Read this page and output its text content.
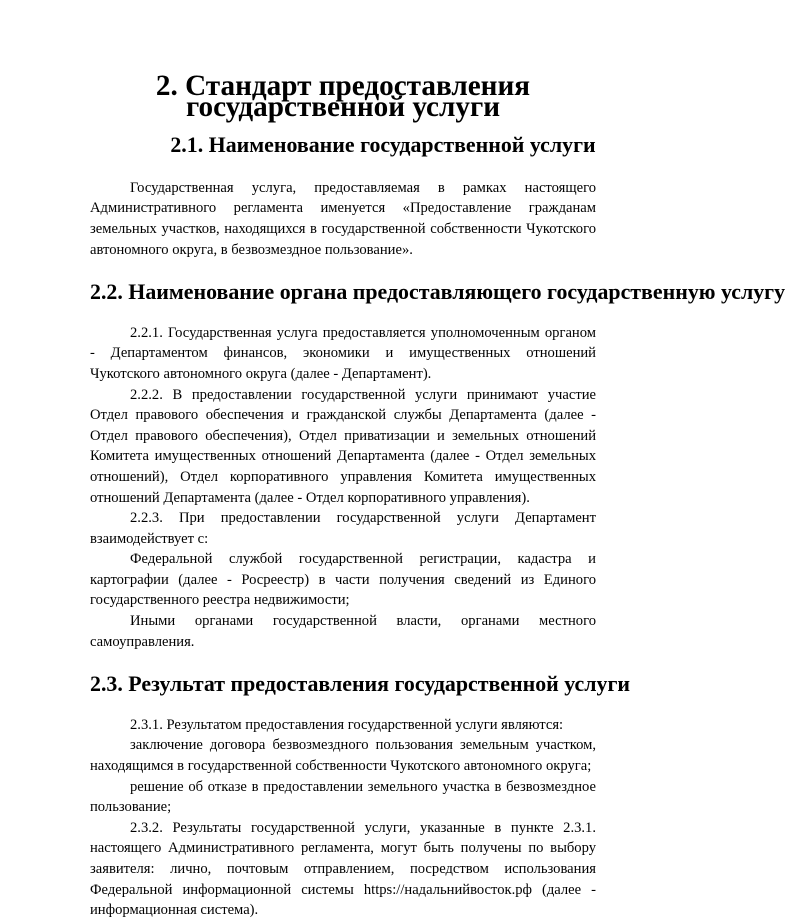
2. Стандарт предоставления государственной услуги
2.1. Наименование государственной услуги

Государственная услуга, предоставляемая в рамках настоящего Административного регламента именуется «Предоставление гражданам земельных участков, находящихся в государственной собственности Чукотского автономного округа, в безвозмездное пользование».

2.2. Наименование органа предоставляющего государственную услугу

2.2.1. Государственная услуга предоставляется уполномоченным органом - Департаментом финансов, экономики и имущественных отношений Чукотского автономного округа (далее - Департамент).

2.2.2. В предоставлении государственной услуги принимают участие Отдел правового обеспечения и гражданской службы Департамента (далее - Отдел правового обеспечения), Отдел приватизации и земельных отношений Комитета имущественных отношений Департамента (далее - Отдел земельных отношений), Отдел корпоративного управления Комитета имущественных отношений Департамента (далее - Отдел корпоративного управления).

2.2.3. При предоставлении государственной услуги Департамент взаимодействует с:

Федеральной службой государственной регистрации, кадастра и картографии (далее - Росреестр) в части получения сведений из Единого государственного реестра недвижимости;

Иными органами государственной власти, органами местного самоуправления.

2.3. Результат предоставления государственной услуги

2.3.1. Результатом предоставления государственной услуги являются:

заключение договора безвозмездного пользования земельным участком, находящимся в государственной собственности Чукотского автономного округа;

решение об отказе в предоставлении земельного участка в безвозмездное пользование;

2.3.2. Результаты государственной услуги, указанные в пункте 2.3.1. настоящего Административного регламента, могут быть получены по выбору заявителя: лично, почтовым отправлением, посредством использования Федеральной информационной системы https://надальнийвосток.рф (далее - информационная система).
